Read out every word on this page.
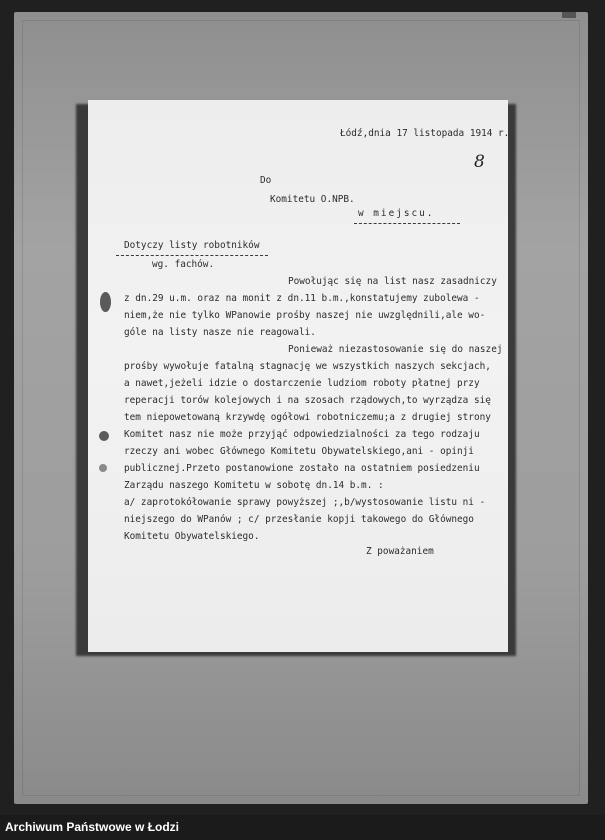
Łódź,dnia 17 listopada 1914 r.
8
Do
Komitetu O.NPB.
w miejscu.
Dotyczy listy robotników
wg. fachów.
Powołując się na list nasz zasadniczy
z dn.29 u.m. oraz na monit z dn.11 b.m.,konstatujemy zubolewa -
niem,że nie tylko WPanowie prośby naszej nie uwzględnili,ale wo-
góle na listy nasze nie reagowali.
Ponieważ niezastosowanie się do naszej
prośby wywołuje fatalną stagnację we wszystkich naszych sekcjach,
a nawet,jeżeli idzie o dostarczenie ludziom roboty płatnej przy
reperacji torów kolejowych i na szosach rządowych,to wyrządza się
tem niepowetowaną krzywdę ogółowi robotniczemu;a z drugiej strony
Komitet nasz nie może przyjąć odpowiedzialności za tego rodzaju
rzeczy ani wobec Głównego Komitetu Obywatelskiego,ani - opinji
publicznej.Przeto postanowione zostało na ostatniem posiedzeniu
Zarządu naszego Komitetu w sobotę dn.14 b.m. :
a/ zaprotokółowanie sprawy powyższej ;,b/wystosowanie listu ni -
niejszego do WPanów ; c/ przesłanie kopji takowego do Głównego
Komitetu Obywatelskiego.
Z poważaniem
Archiwum Państwowe w Łodzi
